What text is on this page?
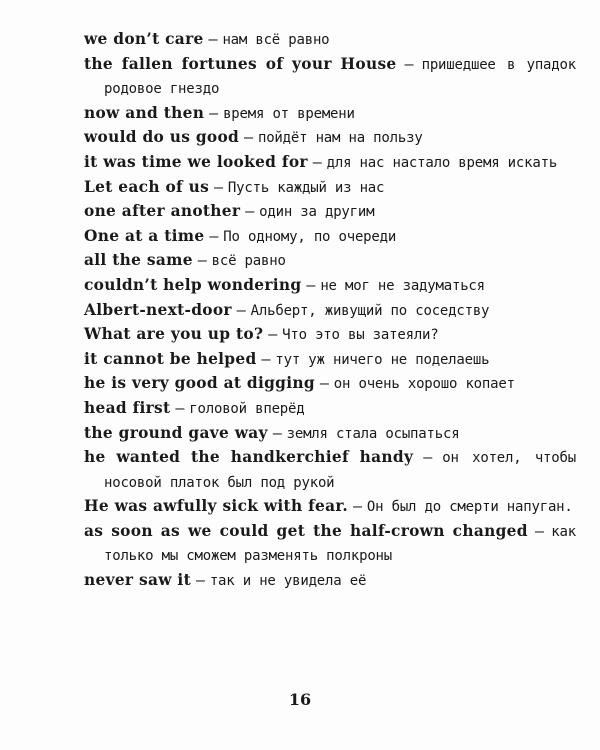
we don’t care — нам всё равно

the fallen fortunes of your House — пришедшее в упадок родовое гнездо

now and then — время от времени

would do us good — пойдёт нам на пользу

it was time we looked for — для нас настало время искать

Let each of us — Пусть каждый из нас

one after another — один за другим

One at a time — По одному, по очереди

all the same — всё равно

couldn’t help wondering — не мог не задуматься

Albert-next-door — Альберт, живущий по соседству

What are you up to? — Что это вы затеяли?

it cannot be helped — тут уж ничего не поделаешь

he is very good at digging — он очень хорошо копает

head first — головой вперёд

the ground gave way — земля стала осыпаться

he wanted the handkerchief handy — он хотел, чтобы носовой платок был под рукой

He was awfully sick with fear. — Он был до смерти напуган.

as soon as we could get the half-crown changed — как только мы сможем разменять полкроны

never saw it — так и не увидела её

16
